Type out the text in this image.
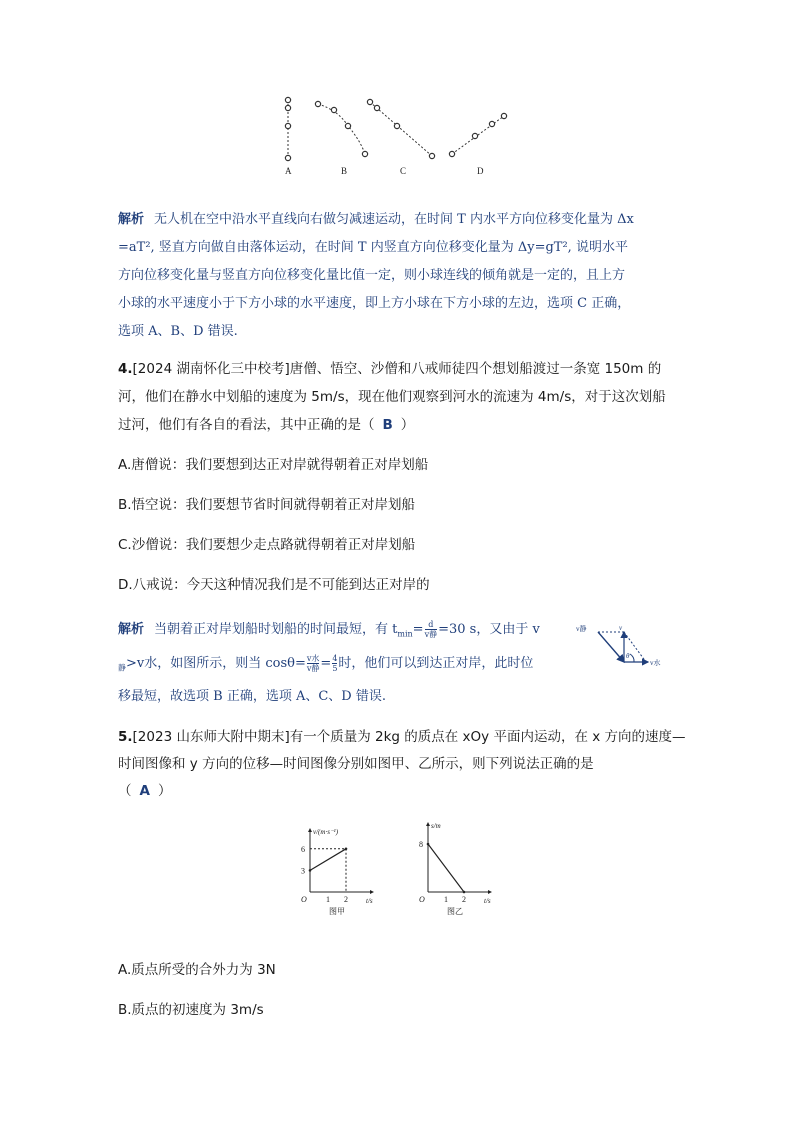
A	B	C	D
解析 无人机在空中沿水平直线向右做匀减速运动，在时间 T 内水平方向位移变化量为 Δx
=aT², 竖直方向做自由落体运动，在时间 T 内竖直方向位移变化量为 Δy=gT², 说明水平
方向位移变化量与竖直方向位移变化量比值一定，则小球连线的倾角就是一定的，且上方
小球的水平速度小于下方小球的水平速度，即上方小球在下方小球的左边，选项 C 正确，
选项 A、B、D 错误.
4.[2024 湖南怀化三中校考]唐僧、悟空、沙僧和八戒师徒四个想划船渡过一条宽 150m 的
河，他们在静水中划船的速度为 5m/s，现在他们观察到河水的流速为 4m/s，对于这次划船
过河，他们有各自的看法，其中正确的是（ B ）
A.唐僧说：我们要想到达正对岸就得朝着正对岸划船
B.悟空说：我们要想节省时间就得朝着正对岸划船
C.沙僧说：我们要想少走点路就得朝着正对岸划船
D.八戒说：今天这种情况我们是不可能到达正对岸的
解析 当朝着正对岸划船时划船的时间最短，有 $t_{min}= \frac{d}{\text{v静}} =30$ s，又由于 v
$_静$>v水，如图所示，则当 $\cos\theta= \frac{\text{v水}}{\text{v静}} = \frac{4}{5}$ 时，他们可以到达正对岸，此时位
移最短，故选项 B 正确，选项 A、C、D 错误.
v静	v
θ
v水
5.[2023 山东师大附中期末]有一个质量为 2kg 的质点在 xOy 平面内运动，在 x 方向的速度—
时间图像和 y 方向的位移—时间图像分别如图甲、乙所示，则下列说法正确的是
（ A ）
v/(m·s⁻¹)
t/s
O 1 2
3
6
图甲
s/m
t/s
O 1 2
8
图乙
A.质点所受的合外力为 3N
B.质点的初速度为 3m/s
